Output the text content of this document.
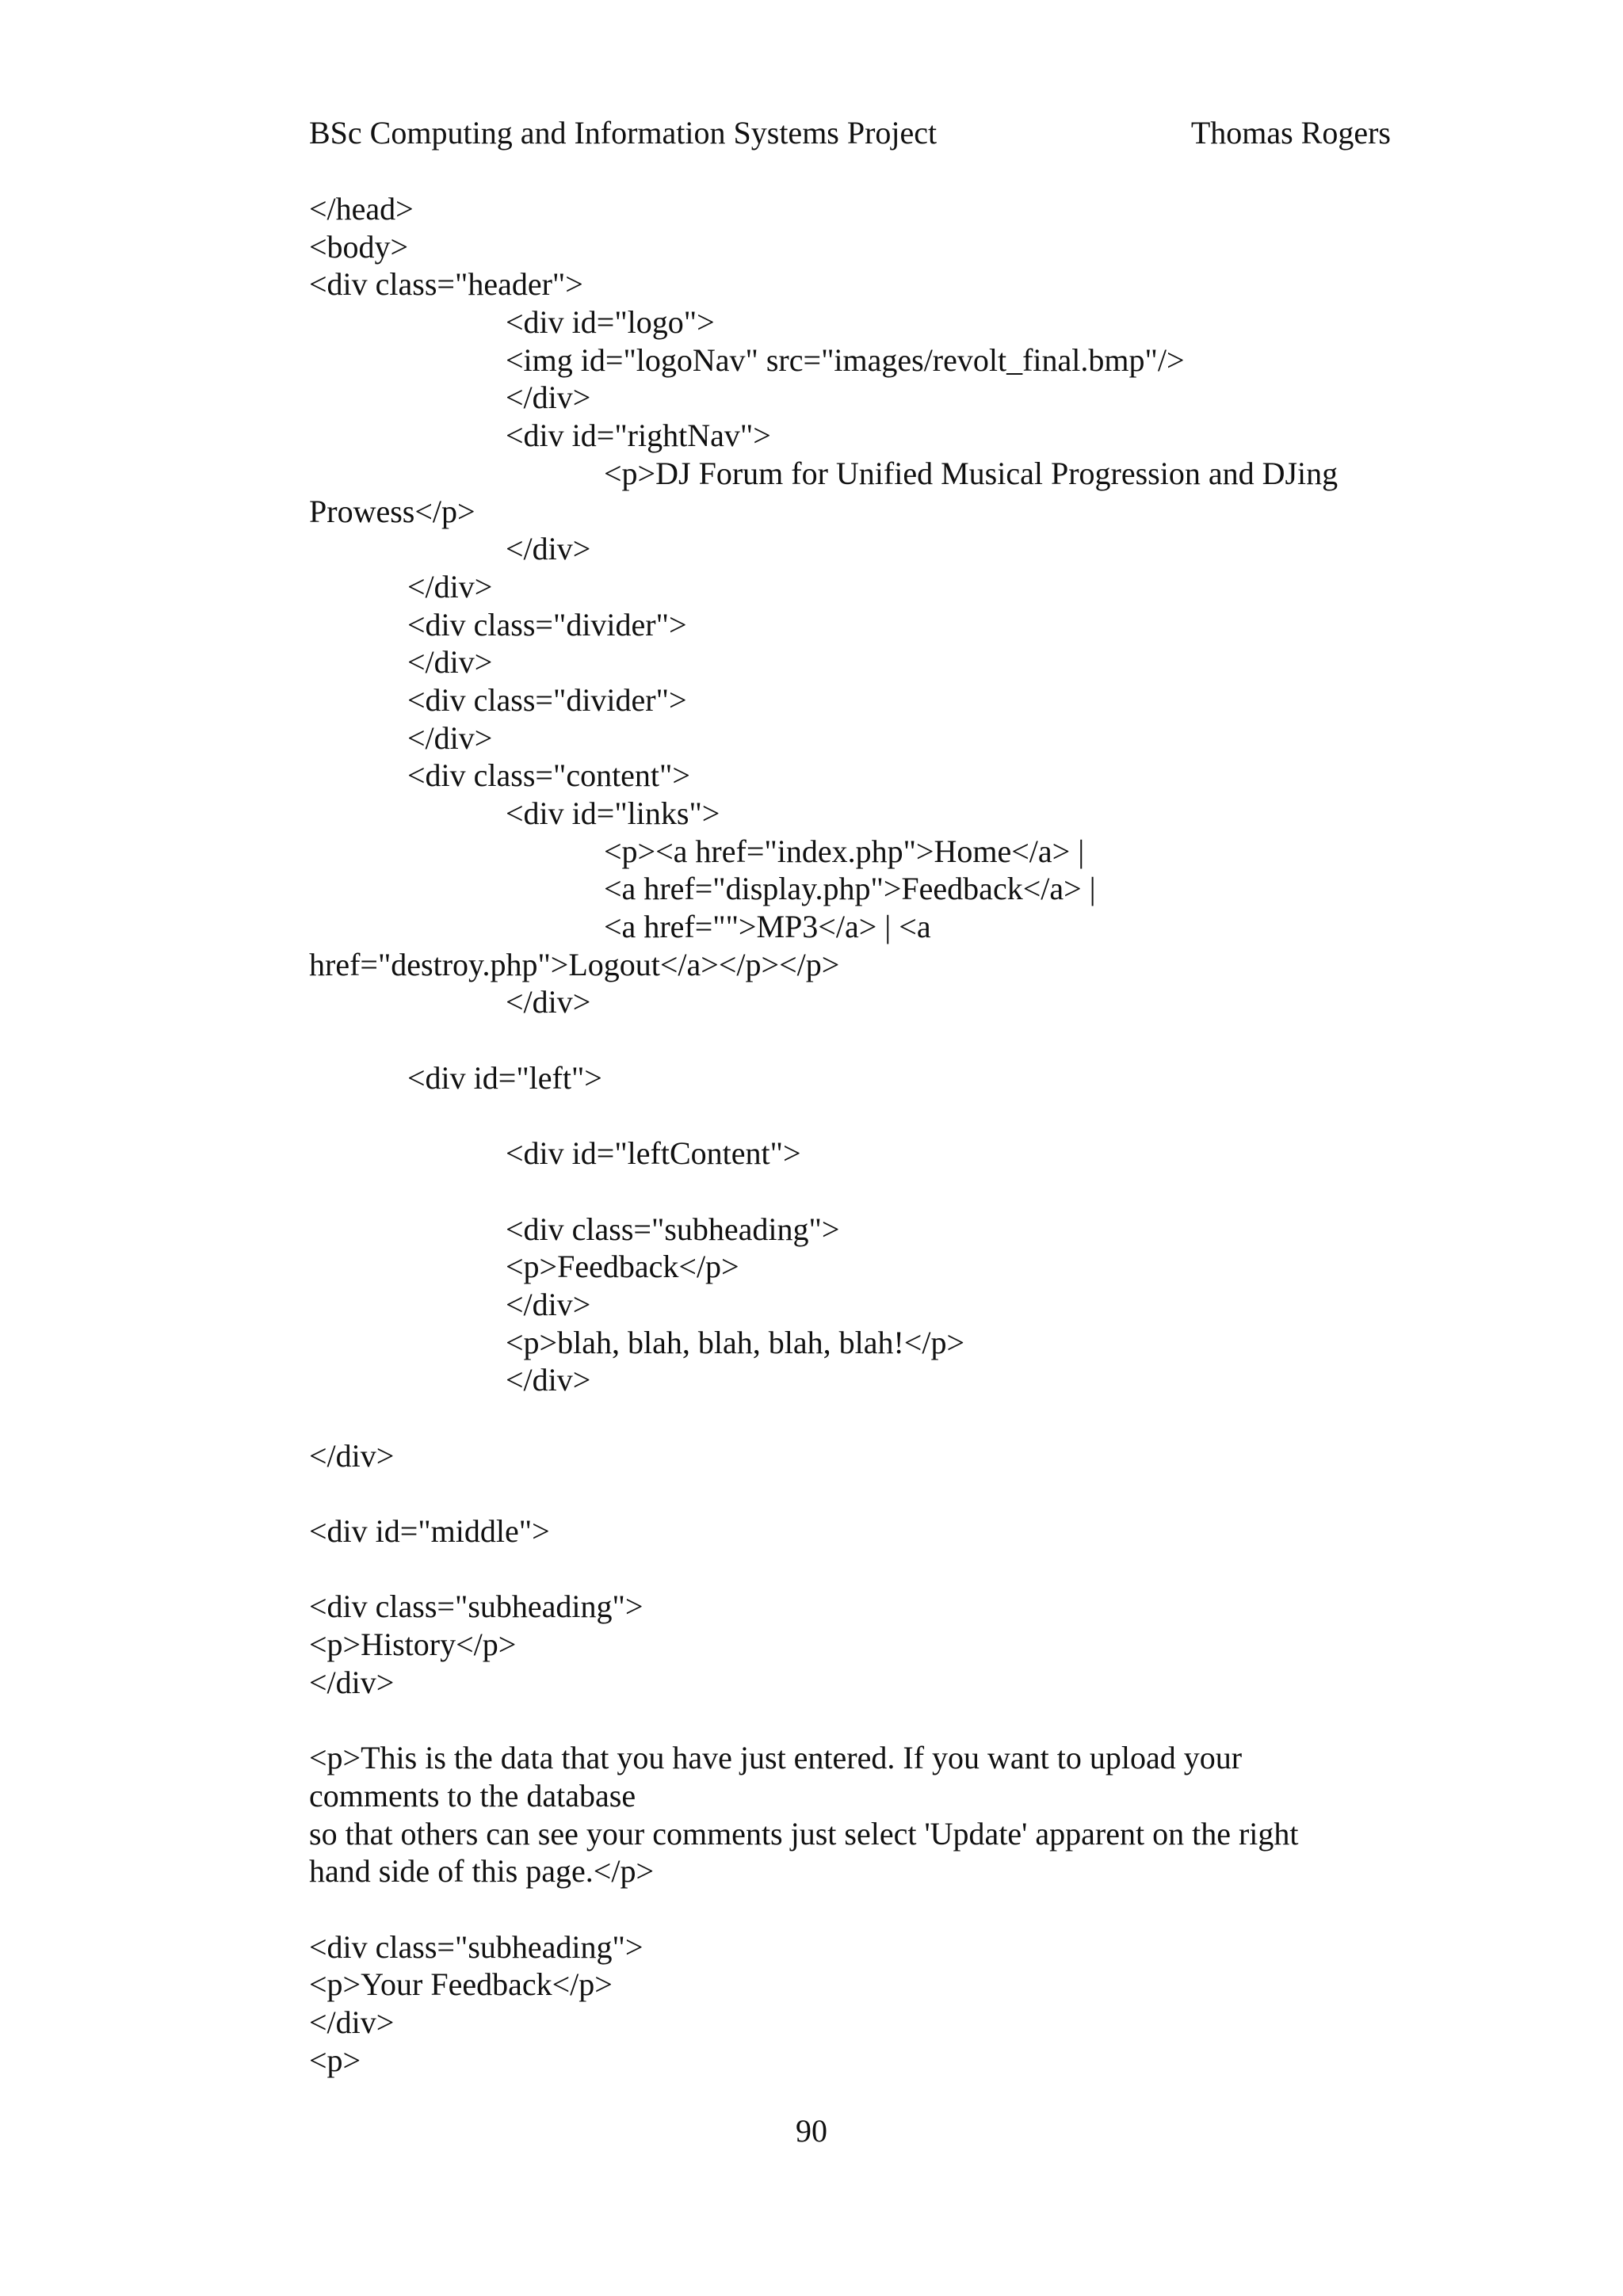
BSc Computing and Information Systems Project	Thomas Rogers
</head>
<body>
<div class="header">
<div id="logo">
<img id="logoNav" src="images/revolt_final.bmp"/>
</div>
<div id="rightNav">
<p>DJ Forum for Unified Musical Progression and DJing
Prowess</p>
</div>
</div>
<div class="divider">
</div>
<div class="divider">
</div>
<div class="content">
<div id="links">
<p><a href="index.php">Home</a> |
<a href="display.php">Feedback</a> |
<a href="">MP3</a> | <a
href="destroy.php">Logout</a></p></p>
</div>
<div id="left">
<div id="leftContent">
<div class="subheading">
<p>Feedback</p>
</div>
<p>blah, blah, blah, blah, blah!</p>
</div>
</div>
<div id="middle">
<div class="subheading">
<p>History</p>
</div>
<p>This is the data that you have just entered. If you want to upload your
comments to the database
so that others can see your comments just select 'Update' apparent on the right
hand side of this page.</p>
<div class="subheading">
<p>Your Feedback</p>
</div>
<p>
90
